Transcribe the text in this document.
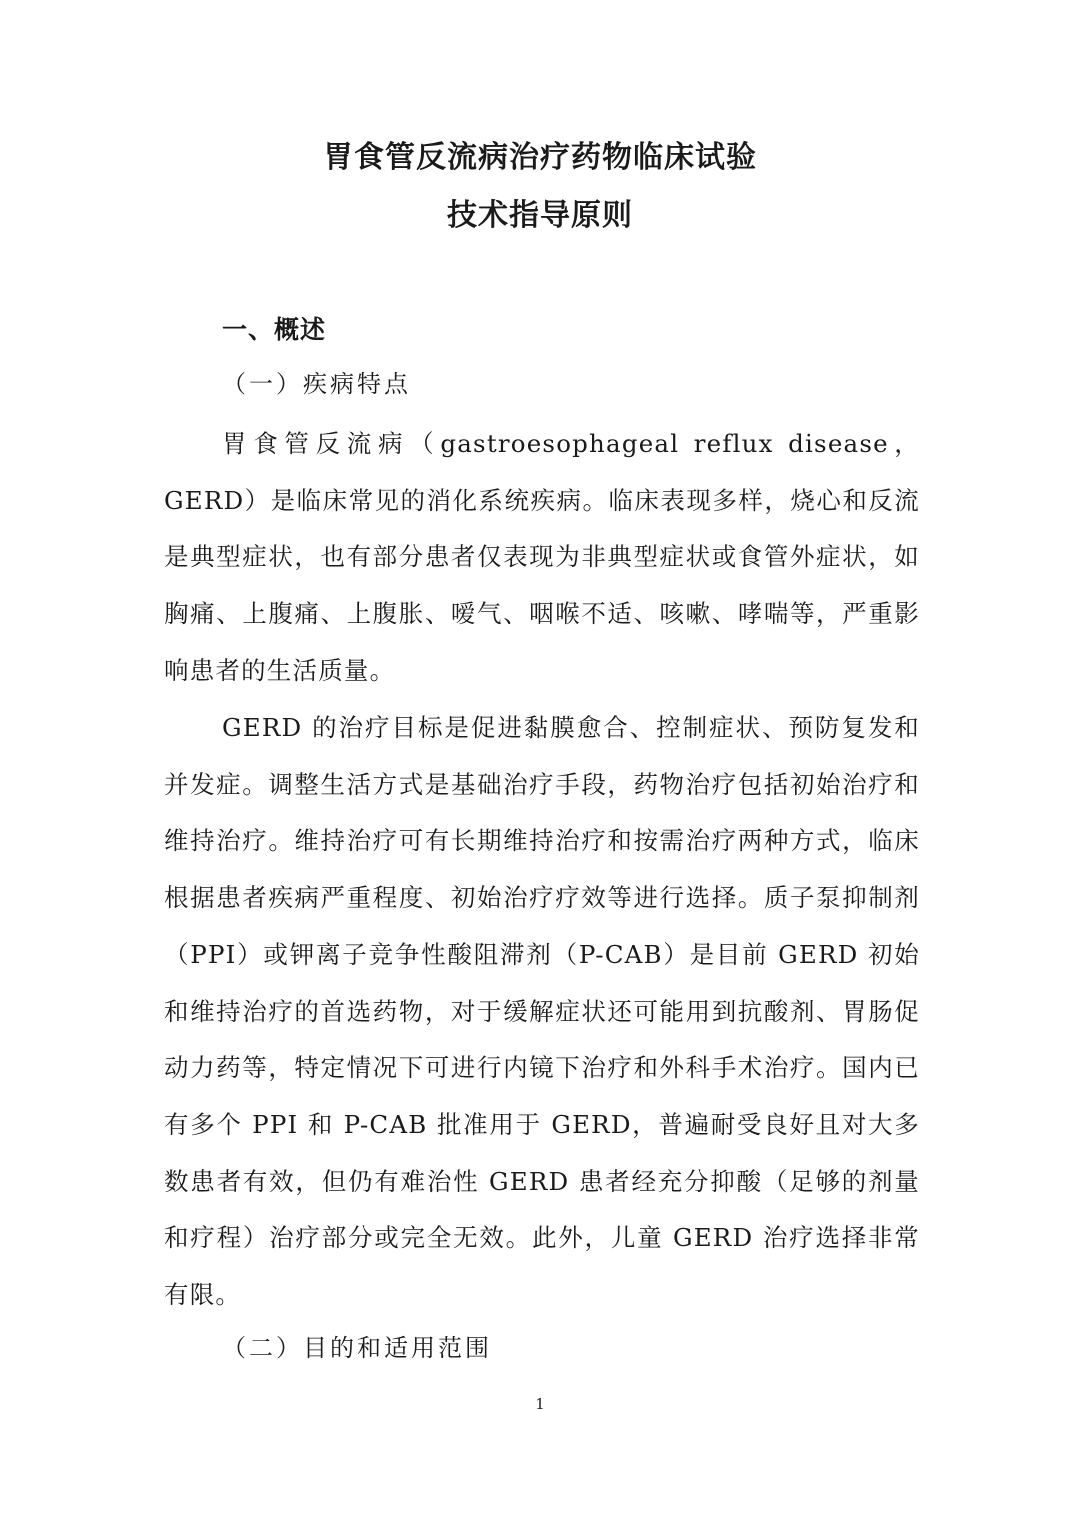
胃食管反流病治疗药物临床试验
技术指导原则
一、概述
（一）疾病特点

胃食管反流病（gastroesophageal reflux disease，GERD）是临床常见的消化系统疾病。临床表现多样，烧心和反流是典型症状，也有部分患者仅表现为非典型症状或食管外症状，如胸痛、上腹痛、上腹胀、嗳气、咽喉不适、咳嗽、哮喘等，严重影响患者的生活质量。

GERD 的治疗目标是促进黏膜愈合、控制症状、预防复发和并发症。调整生活方式是基础治疗手段，药物治疗包括初始治疗和维持治疗。维持治疗可有长期维持治疗和按需治疗两种方式，临床根据患者疾病严重程度、初始治疗疗效等进行选择。质子泵抑制剂（PPI）或钾离子竞争性酸阻滞剂（P-CAB）是目前 GERD 初始和维持治疗的首选药物，对于缓解症状还可能用到抗酸剂、胃肠促动力药等，特定情况下可进行内镜下治疗和外科手术治疗。国内已有多个 PPI 和 P-CAB 批准用于 GERD，普遍耐受良好且对大多数患者有效，但仍有难治性 GERD 患者经充分抑酸（足够的剂量和疗程）治疗部分或完全无效。此外，儿童 GERD 治疗选择非常有限。

（二）目的和适用范围
1
